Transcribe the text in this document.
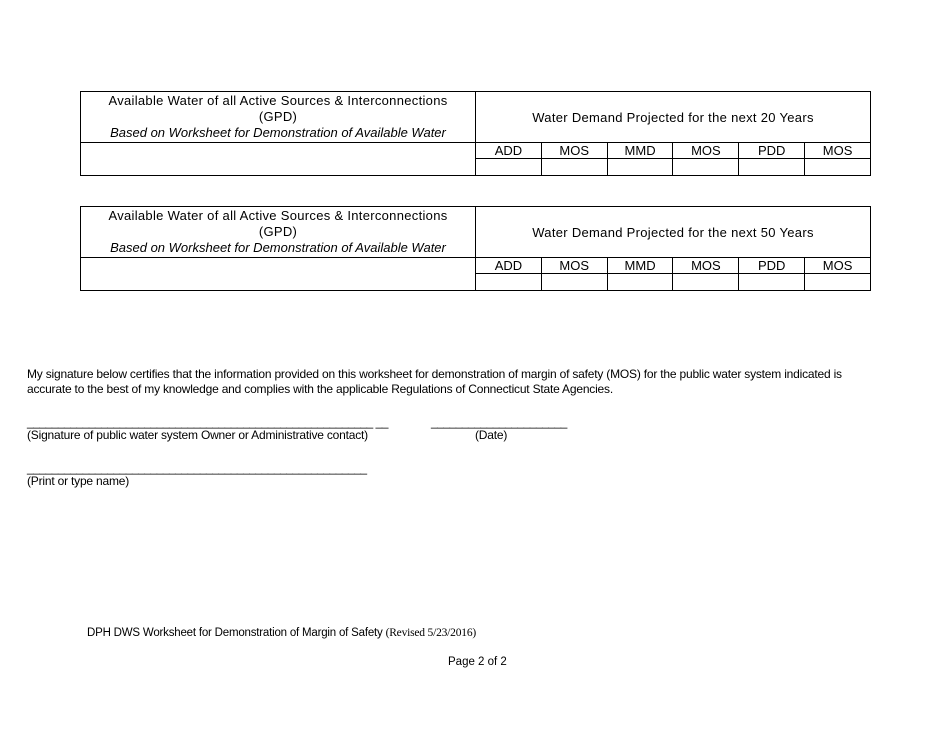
Available Water of all Active Sources & Interconnections
(GPD)
Based on Worksheet for Demonstration of Available Water	Water Demand Projected for the next 20 Years					
	ADD	MOS	MMD	MOS	PDD	MOS

Available Water of all Active Sources & Interconnections
(GPD)
Based on Worksheet for Demonstration of Available Water	Water Demand Projected for the next 50 Years					
	ADD	MOS	MMD	MOS	PDD	MOS

My signature below certifies that the information provided on this worksheet for demonstration of margin of safety (MOS) for the public water system indicated is accurate to the best of my knowledge and complies with the applicable Regulations of Connecticut State Agencies.
________________________________________________________ __
(Signature of public water system Owner or Administrative contact)
______________________
(Date)
_______________________________________________________
(Print or type name)
DPH DWS Worksheet for Demonstration of Margin of Safety (Revised 5/23/2016)
Page 2 of 2
